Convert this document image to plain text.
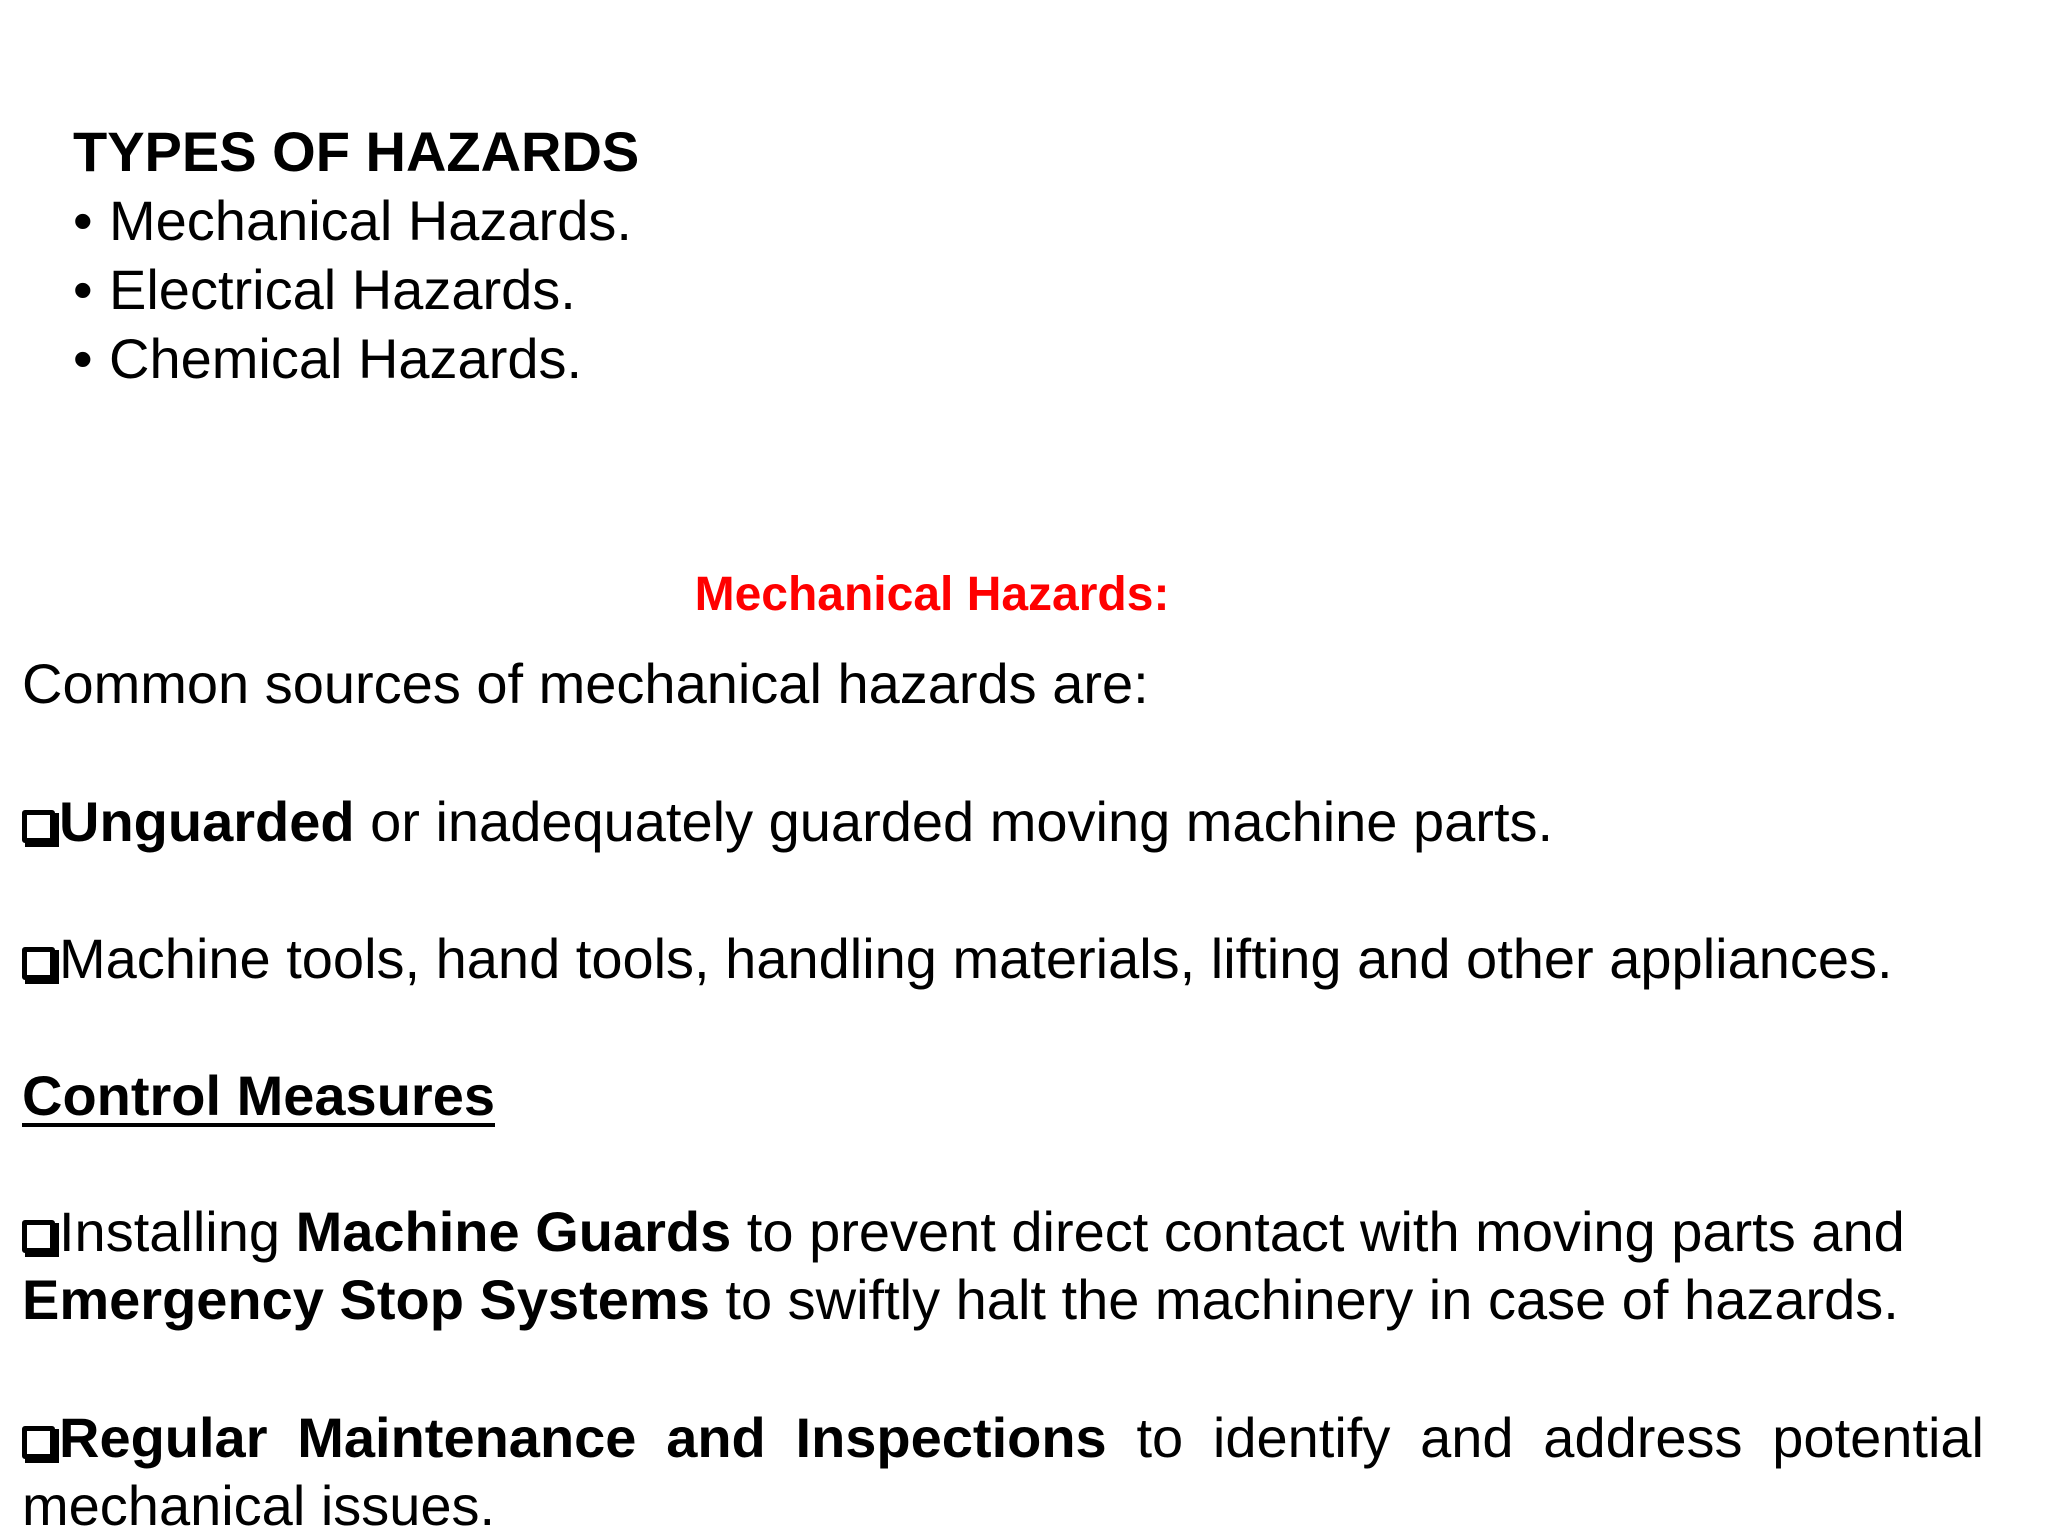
TYPES OF HAZARDS
• Mechanical Hazards.
• Electrical Hazards.
• Chemical Hazards.
Mechanical Hazards:
Common sources of mechanical hazards are:
Unguarded or inadequately guarded moving machine parts.
Machine tools, hand tools, handling materials, lifting and other appliances.
Control Measures
Installing Machine Guards to prevent direct contact with moving parts and Emergency Stop Systems to swiftly halt the machinery in case of hazards.
Regular Maintenance and Inspections to identify and address potential mechanical issues.
